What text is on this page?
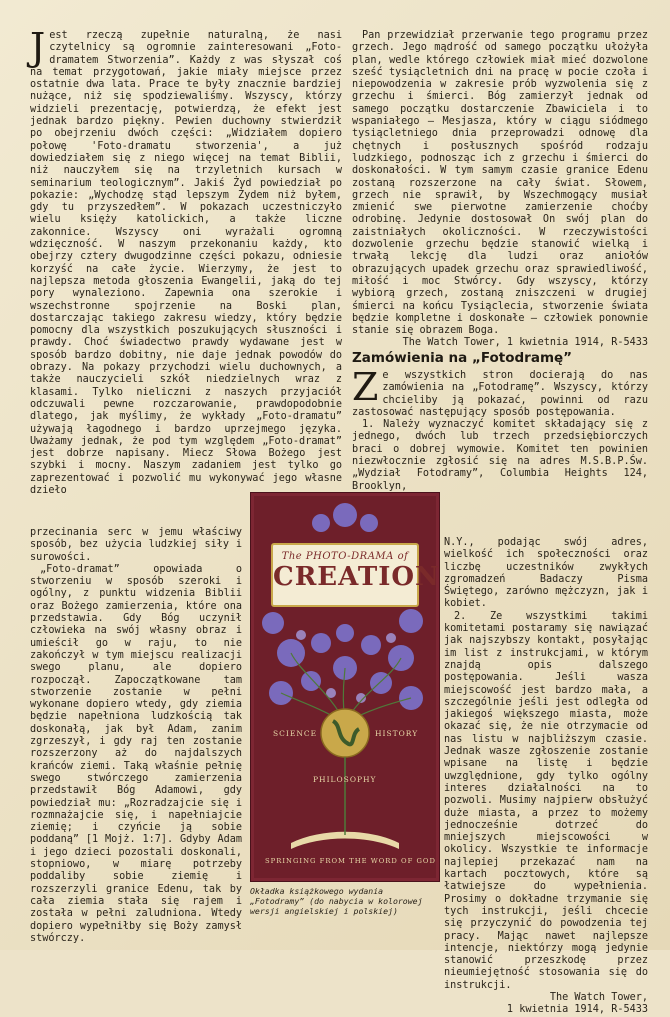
Jest rzeczą zupełnie naturalną, że nasi czytelnicy są ogromnie zainteresowani „Foto-dramatem Stworzenia”. Każdy z was słyszał coś na temat przygotowań, jakie miały miejsce przez ostatnie dwa lata. Prace te były znacznie bardziej nużące, niż się spodziewaliśmy. Wszyscy, którzy widzieli prezentację, potwierdzą, że efekt jest jednak bardzo piękny. Pewien duchowny stwierdził po obejrzeniu dwóch części: „Widziałem dopiero połowę 'Foto-dramatu stworzenia', a już dowiedziałem się z niego więcej na temat Biblii, niż nauczyłem się na trzyletnich kursach w seminarium teologicznym”. Jakiś Żyd powiedział po pokazie: „Wychodzę stąd lepszym Żydem niż byłem, gdy tu przyszedłem”. W pokazach uczestniczyło wielu księży katolickich, a także liczne zakonnice. Wszyscy oni wyrażali ogromną wdzięczność. W naszym przekonaniu każdy, kto obejrzy cztery dwugodzinne części pokazu, odniesie korzyść na całe życie. Wierzymy, że jest to najlepsza metoda głoszenia Ewangelii, jaką do tej pory wynaleziono. Zapewnia ona szerokie i wszechstronne spojrzenie na Boski plan, dostarczając takiego zakresu wiedzy, który będzie pomocny dla wszystkich poszukujących słuszności i prawdy. Choć świadectwo prawdy wydawane jest w sposób bardzo dobitny, nie daje jednak powodów do obrazy. Na pokazy przychodzi wielu duchownych, a także nauczycieli szkół niedzielnych wraz z klasami. Tylko nieliczni z naszych przyjaciół odczuwali pewne rozczarowanie, prawdopodobnie dlatego, jak myślimy, że wykłady „Foto-dramatu” używają łagodnego i bardzo uprzejmego języka. Uważamy jednak, że pod tym względem „Foto-dramat” jest dobrze napisany. Miecz Słowa Bożego jest szybki i mocny. Naszym zadaniem jest tylko go zaprezentować i pozwolić mu wykonywać jego własne dzieło

przecinania serc w jemu właściwy sposób, bez użycia ludzkiej siły i surowości.

„Foto-dramat” opowiada o stworzeniu w sposób szeroki i ogólny, z punktu widzenia Biblii oraz Bożego zamierzenia, które ona przedstawia. Gdy Bóg uczynił człowieka na swój własny obraz i umieścił go w raju, to nie zakończył w tym miejscu realizacji swego planu, ale dopiero rozpoczął. Zapoczątkowane tam stworzenie zostanie w pełni wykonane dopiero wtedy, gdy ziemia będzie napełniona ludzkością tak doskonałą, jak był Adam, zanim zgrzeszył, i gdy raj ten zostanie rozszerzony aż do najdalszych krańców ziemi. Taką właśnie pełnię swego stwórczego zamierzenia przedstawił Bóg Adamowi, gdy powiedział mu: „Rozradzajcie się i rozmnażajcie się, i napełniajcie ziemię; i czyńcie ją sobie poddaną” [1 Mojż. 1:7]. Gdyby Adam i jego dzieci pozostali doskonali, stopniowo, w miarę potrzeby poddaliby sobie ziemię i rozszerzyli granice Edenu, tak by cała ziemia stała się rajem i została w pełni zaludniona. Wtedy dopiero wypełniłby się Boży zamysł stwórczy.

Pan przewidział przerwanie tego programu przez grzech. Jego mądrość od samego początku ułożyła plan, wedle którego człowiek miał mieć dozwolone sześć tysiącletnich dni na pracę w pocie czoła i niepowodzenia w zakresie prób wyzwolenia się z grzechu i śmierci. Bóg zamierzył jednak od samego początku dostarczenie Zbawiciela i to wspaniałego – Mesjasza, który w ciągu siódmego tysiącletniego dnia przeprowadzi odnowę dla chętnych i posłusznych spośród rodzaju ludzkiego, podnosząc ich z grzechu i śmierci do doskonałości. W tym samym czasie granice Edenu zostaną rozszerzone na cały świat. Słowem, grzech nie sprawił, by Wszechmogący musiał zmienić swe pierwotne zamierzenie choćby odrobinę. Jedynie dostosował On swój plan do zaistniałych okoliczności. W rzeczywistości dozwolenie grzechu będzie stanowić wielką i trwałą lekcję dla ludzi oraz aniołów obrazujących upadek grzechu oraz sprawiedliwość, miłość i moc Stwórcy. Gdy wszyscy, którzy wybiorą grzech, zostaną zniszczeni w drugiej śmierci na końcu Tysiąclecia, stworzenie świata będzie kompletne i doskonałe – człowiek ponownie stanie się obrazem Boga.

The Watch Tower, 1 kwietnia 1914, R-5433

Zamówienia na „Fotodramę”

Ze wszystkich stron docierają do nas zamówienia na „Fotodramę”. Wszyscy, którzy chcieliby ją pokazać, powinni od razu zastosować następujący sposób postępowania.

1. Należy wyznaczyć komitet składający się z jednego, dwóch lub trzech przedsiębiorczych braci o dobrej wymowie. Komitet ten powinien niezwłocznie zgłosić się na adres M.S.B.P.Św. „Wydział Fotodramy”, Columbia Heights 124, Brooklyn,

N.Y., podając swój adres, wielkość ich społeczności oraz liczbę uczestników zwykłych zgromadzeń Badaczy Pisma Świętego, zarówno mężczyzn, jak i kobiet.

2. Ze wszystkimi takimi komitetami postaramy się nawiązać jak najszybszy kontakt, posyłając im list z instrukcjami, w którym znajdą opis dalszego postępowania. Jeśli wasza miejscowość jest bardzo mała, a szczególnie jeśli jest odległa od jakiegoś większego miasta, może okazać się, że nie otrzymacie od nas listu w najbliższym czasie. Jednak wasze zgłoszenie zostanie wpisane na listę i będzie uwzględnione, gdy tylko ogólny interes działalności na to pozwoli. Musimy najpierw obsłużyć duże miasta, a przez to możemy jednocześnie dotrzeć do mniejszych miejscowości w okolicy. Wszystkie te informacje najlepiej przekazać nam na kartach pocztowych, które są łatwiejsze do wypełnienia. Prosimy o dokładne trzymanie się tych instrukcji, jeśli chcecie się przyczynić do powodzenia tej pracy. Mając nawet najlepsze intencje, niektórzy mogą jedynie stanowić przeszkodę przez nieumiejętność stosowania się do instrukcji.

The Watch Tower,

1 kwietnia 1914, R-5433

The PHOTO-DRAMA of
CREATION
SCIENCE	HISTORY
PHILOSOPHY
SPRINGING FROM THE WORD OF GOD
Okładka książkowego wydania „Fotodramy” (do nabycia w kolorowej wersji angielskiej i polskiej)
